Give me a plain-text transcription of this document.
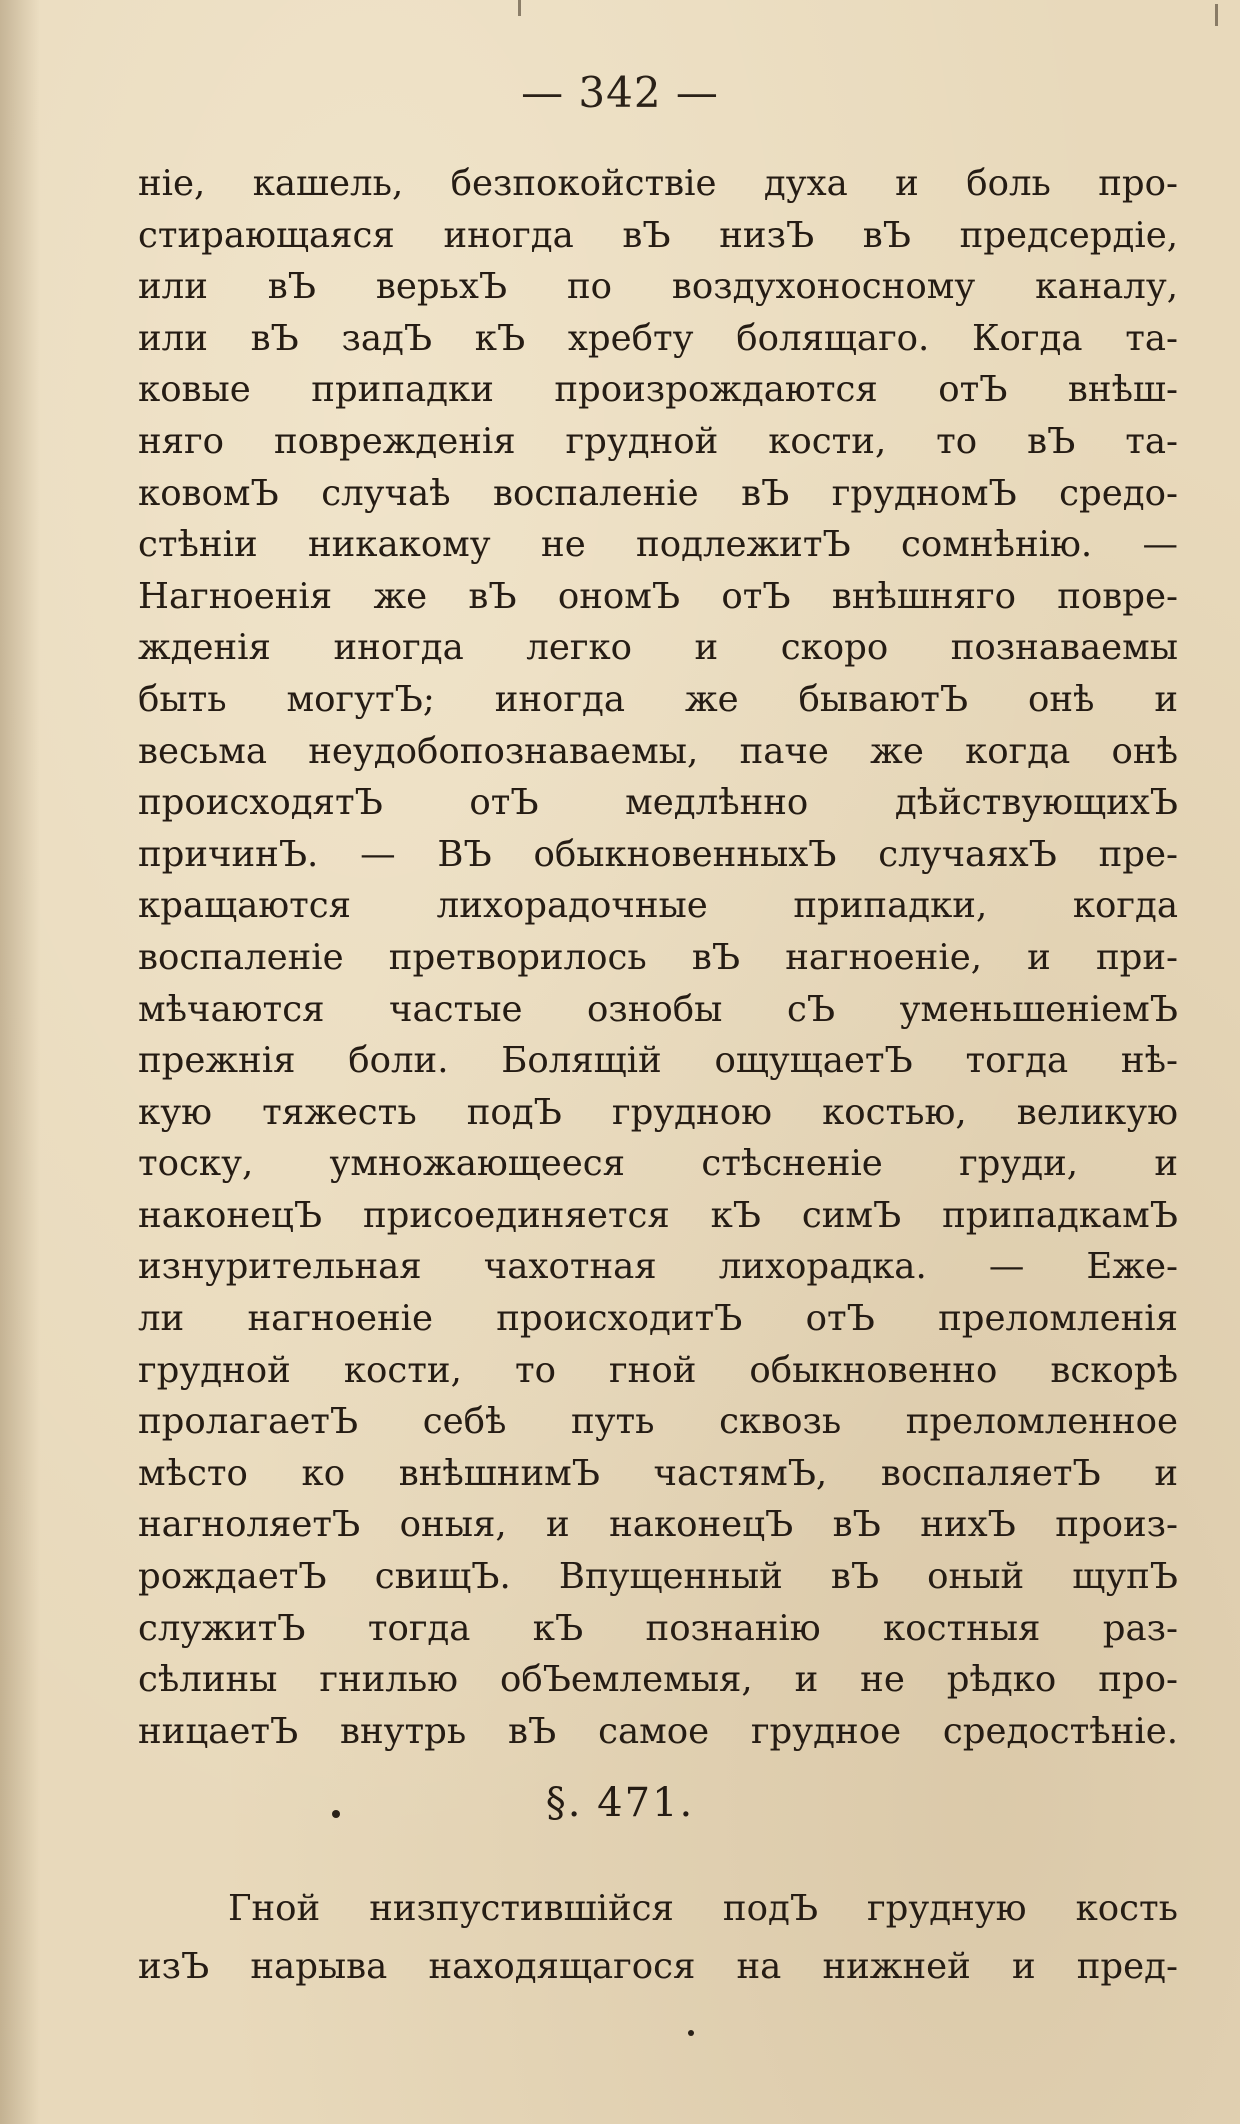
— 342 —
ніе, кашель, безпокойствіе духа и боль про-
стирающаяся иногда вЪ низЪ вЪ предсердіе,
или вЪ верьхЪ по воздухоносному каналу,
или вЪ задЪ кЪ хребту болящаго. Когда та-
ковые припадки произрождаются отЪ внѣш-
няго поврежденія грудной кости, то вЪ та-
ковомЪ случаѣ воспаленіе вЪ грудномЪ средо-
стѣніи никакому не подлежитЪ сомнѣнію. —
Нагноенія же вЪ ономЪ отЪ внѣшняго повре-
жденія иногда легко и скоро познаваемы
быть могутЪ; иногда же бываютЪ онѣ и
весьма неудобопознаваемы, паче же когда онѣ
происходятЪ отЪ медлѣнно дѣйствующихЪ
причинЪ. — ВЪ обыкновенныхЪ случаяхЪ пре-
кращаются лихорадочные припадки, когда
воспаленіе претворилось вЪ нагноеніе, и при-
мѣчаются частые ознобы сЪ уменьшеніемЪ
прежнія боли. Болящій ощущаетЪ тогда нѣ-
кую тяжесть подЪ грудною костью, великую
тоску, умножающееся стѣсненіе груди, и
наконецЪ присоединяется кЪ симЪ припадкамЪ
изнурительная чахотная лихорадка. — Еже-
ли нагноеніе происходитЪ отЪ преломленія
грудной кости, то гной обыкновенно вскорѣ
пролагаетЪ себѣ путь сквозь преломленное
мѣсто ко внѣшнимЪ частямЪ, воспаляетЪ и
нагноляетЪ оныя, и наконецЪ вЪ нихЪ произ-
рождаетЪ свищЪ. Впущенный вЪ оный щупЪ
служитЪ тогда кЪ познанію костныя раз-
сѣлины гнилью обЪемлемыя, и не рѣдко про-
ницаетЪ внутрь вЪ самое грудное средостѣніе.
§. 471.
Гной низпустившійся подЪ грудную кость
изЪ нарыва находящагося на нижней и пред-
